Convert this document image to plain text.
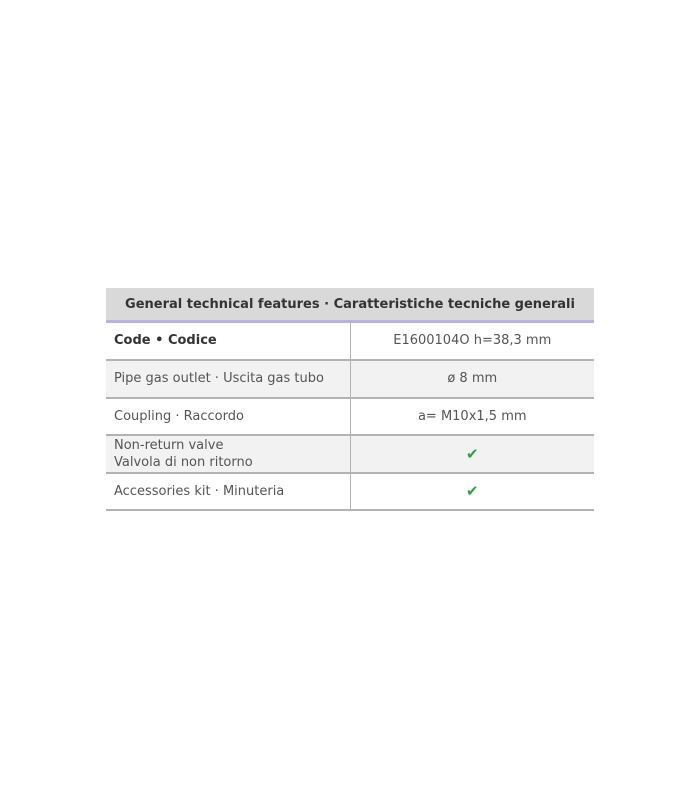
General technical features · Caratteristiche tecniche generali	
Code • Codice	E1600104O h=38,3 mm
Pipe gas outlet · Uscita gas tubo	ø 8 mm
Coupling · Raccordo	a= M10x1,5 mm

Non-return valve
Valvola di non ritorno	✔
Accessories kit · Minuteria	✔
